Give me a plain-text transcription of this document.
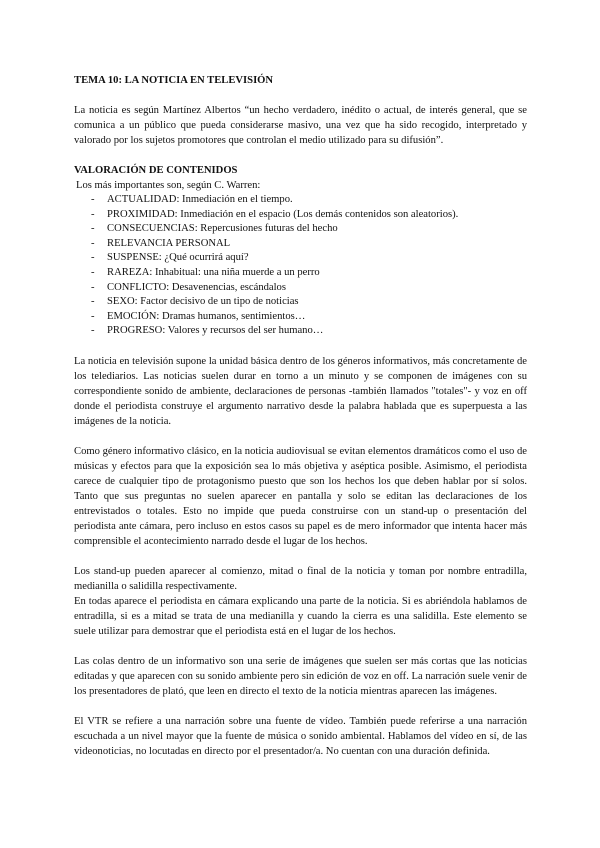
TEMA 10: LA NOTICIA EN TELEVISIÓN

La noticia es según Martínez Albertos “un hecho verdadero, inédito o actual, de interés general, que se comunica a un público que pueda considerarse masivo, una vez que ha sido recogido, interpretado y valorado por los sujetos promotores que controlan el medio utilizado para su difusión”.

VALORACIÓN DE CONTENIDOS
Los más importantes son, según C. Warren:
- ACTUALIDAD: Inmediación en el tiempo.
- PROXIMIDAD: Inmediación en el espacio (Los demás contenidos son aleatorios).
- CONSECUENCIAS: Repercusiones futuras del hecho
- RELEVANCIA PERSONAL
- SUSPENSE: ¿Qué ocurrirá aquí?
- RAREZA: Inhabitual: una niña muerde a un perro
- CONFLICTO: Desavenencias, escándalos
- SEXO: Factor decisivo de un tipo de noticias
- EMOCIÓN: Dramas humanos, sentimientos…
- PROGRESO: Valores y recursos del ser humano…

La noticia en televisión supone la unidad básica dentro de los géneros informativos, más concretamente de los telediarios. Las noticias suelen durar en torno a un minuto y se componen de imágenes con su correspondiente sonido de ambiente, declaraciones de personas -también llamados "totales"- y voz en off donde el periodista construye el argumento narrativo desde la palabra hablada que es superpuesta a las imágenes de la noticia.

Como género informativo clásico, en la noticia audiovisual se evitan elementos dramáticos como el uso de músicas y efectos para que la exposición sea lo más objetiva y aséptica posible. Asimismo, el periodista carece de cualquier tipo de protagonismo puesto que son los hechos los que deben hablar por sí solos. Tanto que sus preguntas no suelen aparecer en pantalla y solo se editan las declaraciones de los entrevistados o totales. Esto no impide que pueda construirse con un stand-up o presentación del periodista ante cámara, pero incluso en estos casos su papel es de mero informador que intenta hacer más comprensible el acontecimiento narrado desde el lugar de los hechos.

Los stand-up pueden aparecer al comienzo, mitad o final de la noticia y toman por nombre entradilla, medianilla o salidilla respectivamente.

En todas aparece el periodista en cámara explicando una parte de la noticia. Si es abriéndola hablamos de entradilla, si es a mitad se trata de una medianilla y cuando la cierra es una salidilla. Este elemento se suele utilizar para demostrar que el periodista está en el lugar de los hechos.

Las colas dentro de un informativo son una serie de imágenes que suelen ser más cortas que las noticias editadas y que aparecen con su sonido ambiente pero sin edición de voz en off. La narración suele venir de los presentadores de plató, que leen en directo el texto de la noticia mientras aparecen las imágenes.

El VTR se refiere a una narración sobre una fuente de vídeo. También puede referirse a una narración escuchada a un nivel mayor que la fuente de música o sonido ambiental. Hablamos del vídeo en sí, de las videonoticias, no locutadas en directo por el presentador/a. No cuentan con una duración definida.
